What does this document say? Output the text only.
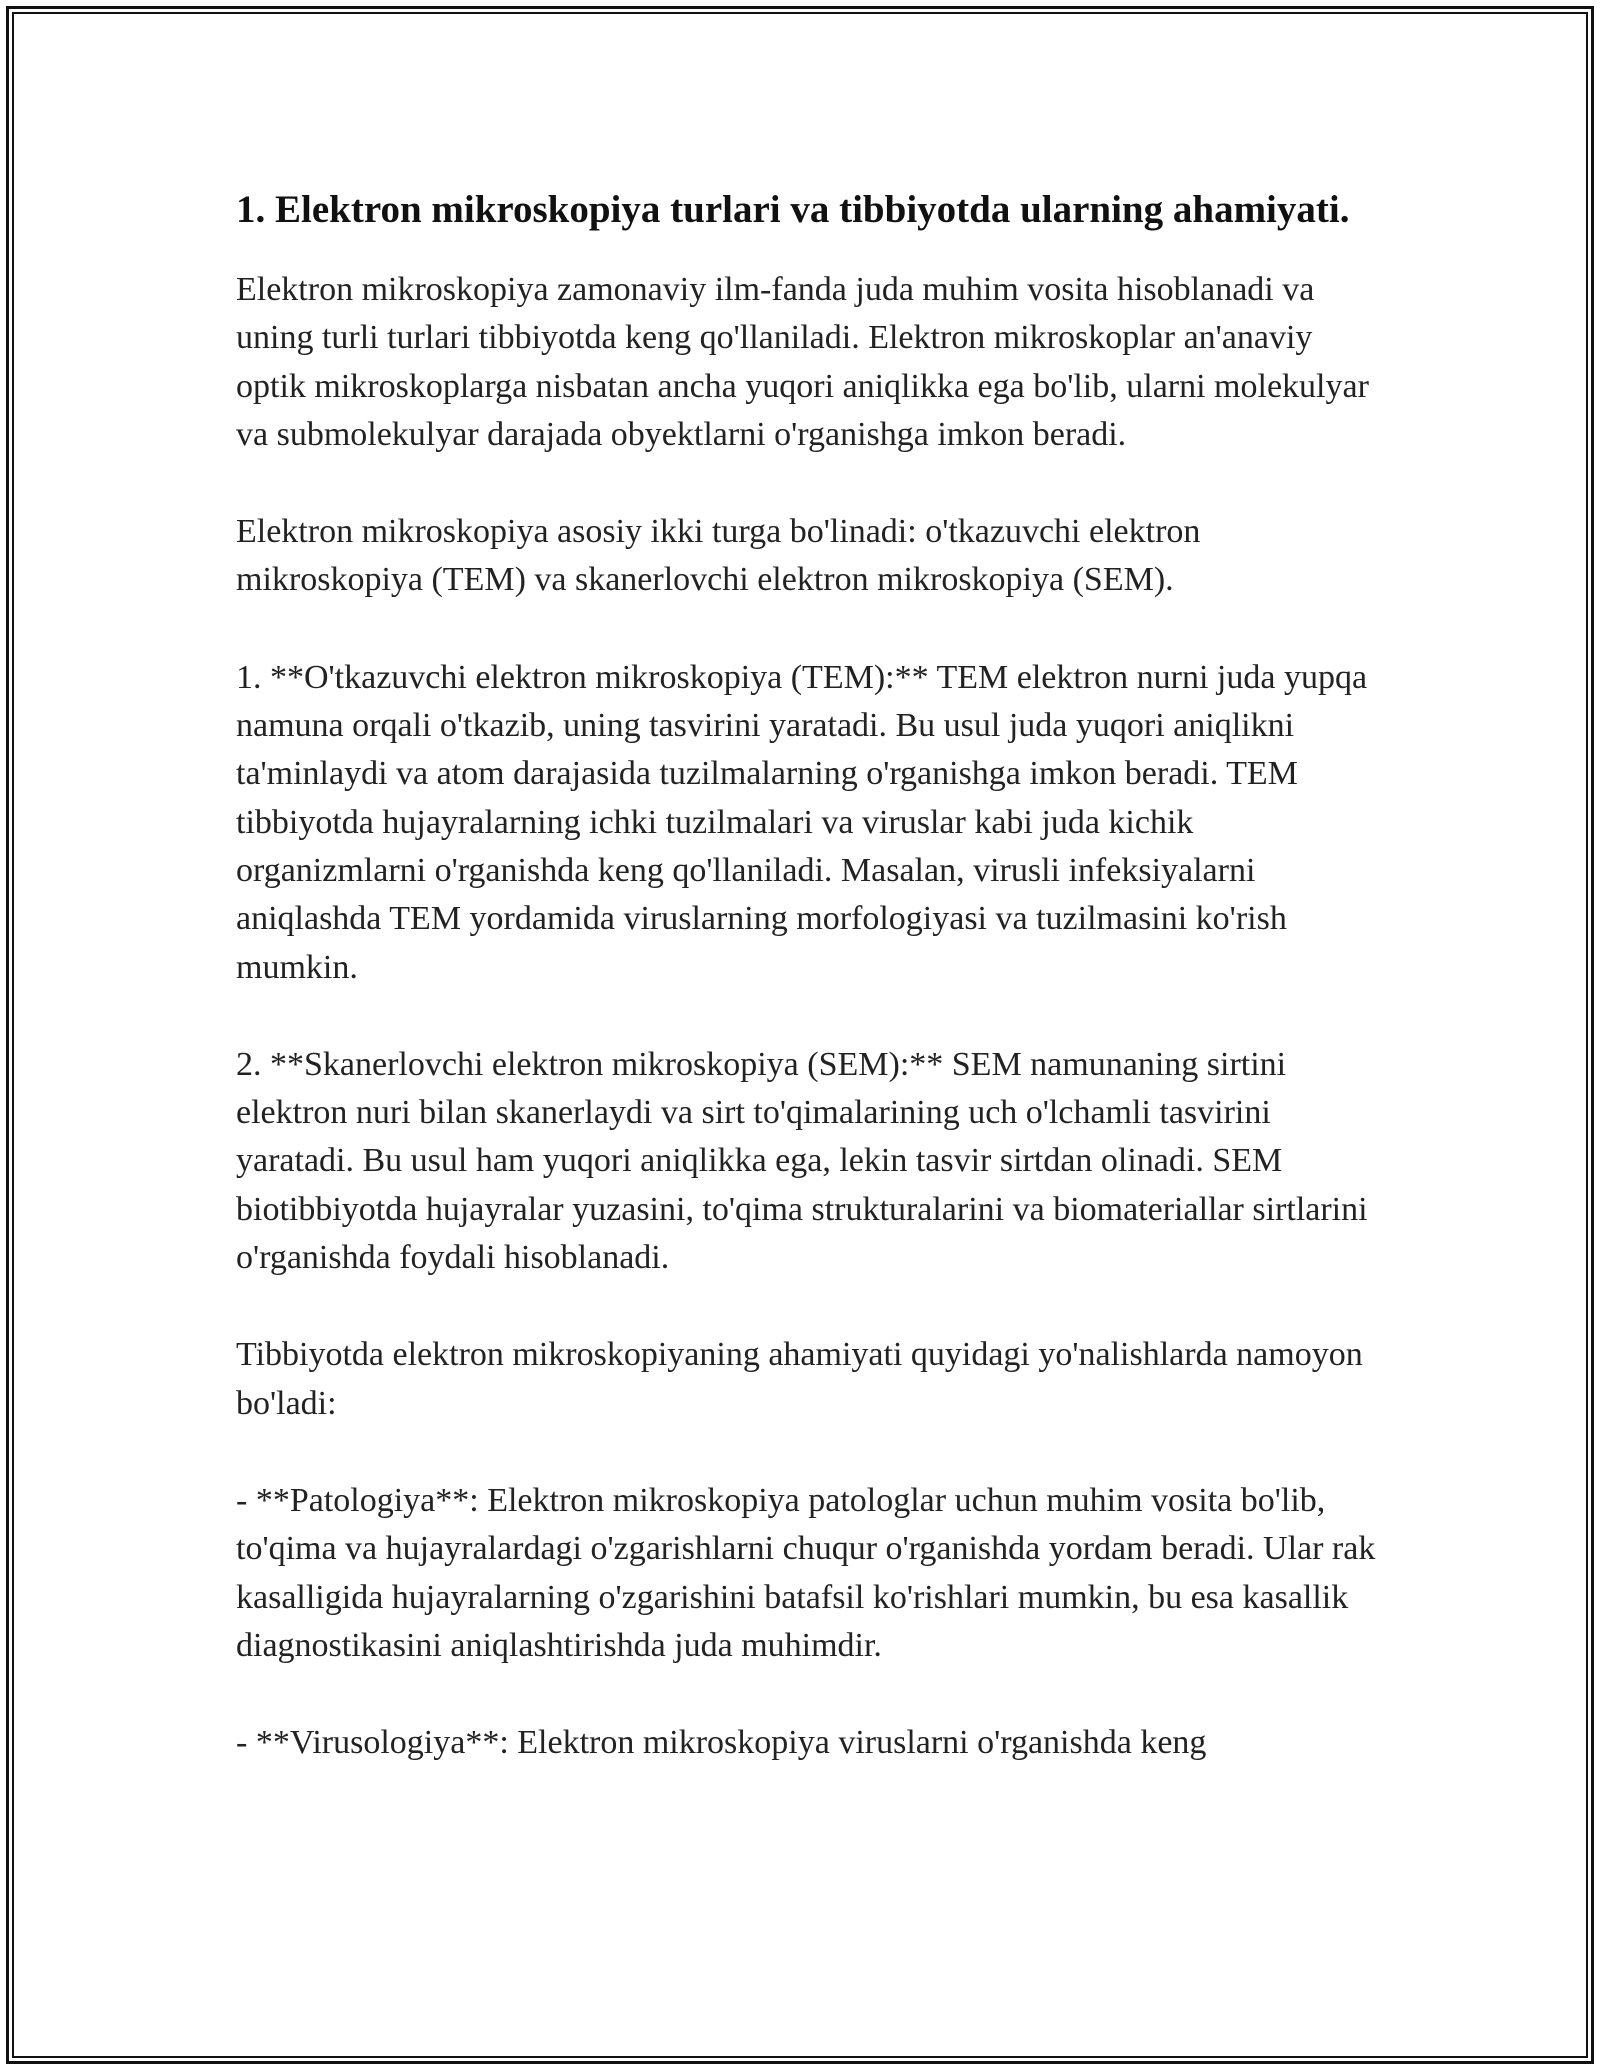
1. Elektron mikroskopiya turlari va tibbiyotda ularning ahamiyati.

Elektron mikroskopiya zamonaviy ilm-fanda juda muhim vosita hisoblanadi va uning turli turlari tibbiyotda keng qo'llaniladi. Elektron mikroskoplar an'anaviy optik mikroskoplarga nisbatan ancha yuqori aniqlikka ega bo'lib, ularni molekulyar va submolekulyar darajada obyektlarni o'rganishga imkon beradi.

Elektron mikroskopiya asosiy ikki turga bo'linadi: o'tkazuvchi elektron mikroskopiya (TEM) va skanerlovchi elektron mikroskopiya (SEM).

1. **O'tkazuvchi elektron mikroskopiya (TEM):** TEM elektron nurni juda yupqa namuna orqali o'tkazib, uning tasvirini yaratadi. Bu usul juda yuqori aniqlikni ta'minlaydi va atom darajasida tuzilmalarning o'rganishga imkon beradi. TEM tibbiyotda hujayralarning ichki tuzilmalari va viruslar kabi juda kichik organizmlarni o'rganishda keng qo'llaniladi. Masalan, virusli infeksiyalarni aniqlashda TEM yordamida viruslarning morfologiyasi va tuzilmasini ko'rish mumkin.

2. **Skanerlovchi elektron mikroskopiya (SEM):** SEM namunaning sirtini elektron nuri bilan skanerlaydi va sirt to'qimalarining uch o'lchamli tasvirini yaratadi. Bu usul ham yuqori aniqlikka ega, lekin tasvir sirtdan olinadi. SEM biotibbiyotda hujayralar yuzasini, to'qima strukturalarini va biomateriallar sirtlarini o'rganishda foydali hisoblanadi.

Tibbiyotda elektron mikroskopiyaning ahamiyati quyidagi yo'nalishlarda namoyon bo'ladi:

- **Patologiya**: Elektron mikroskopiya patologlar uchun muhim vosita bo'lib, to'qima va hujayralardagi o'zgarishlarni chuqur o'rganishda yordam beradi. Ular rak kasalligida hujayralarning o'zgarishini batafsil ko'rishlari mumkin, bu esa kasallik diagnostikasini aniqlashtirishda juda muhimdir.

- **Virusologiya**: Elektron mikroskopiya viruslarni o'rganishda keng
